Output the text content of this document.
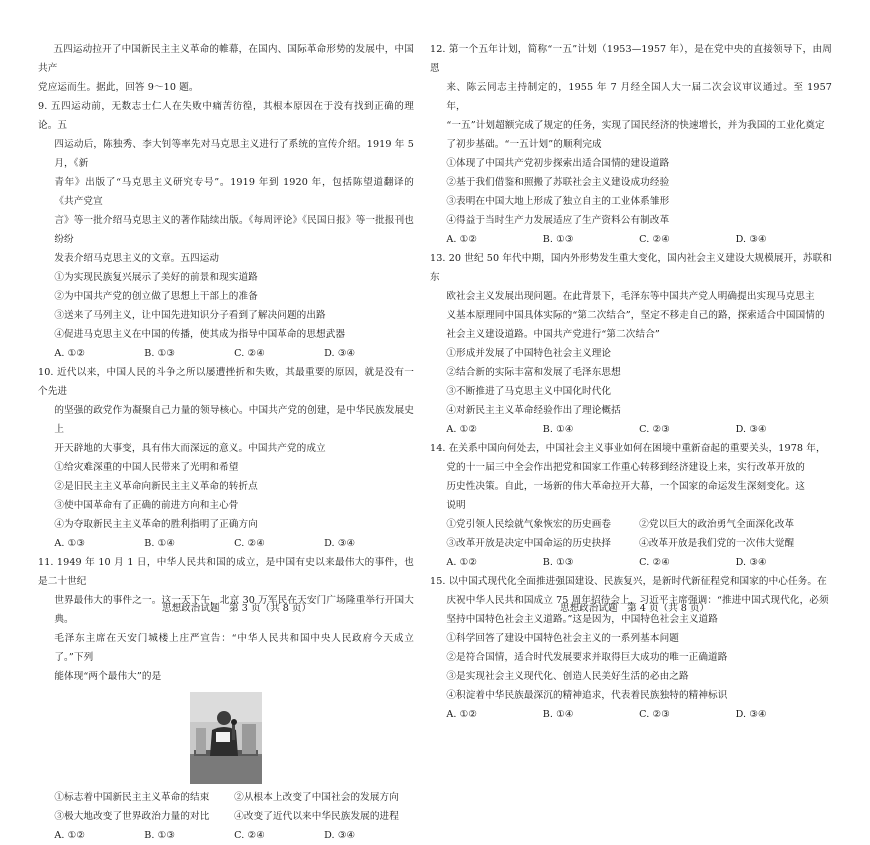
五四运动拉开了中国新民主主义革命的帷幕，在国内、国际革命形势的发展中，中国共产

党应运而生。据此，回答 9～10 题。

9. 五四运动前，无数志士仁人在失败中痛苦彷徨，其根本原因在于没有找到正确的理论。五

四运动后，陈独秀、李大钊等率先对马克思主义进行了系统的宣传介绍。1919 年 5 月，《新

青年》出版了“马克思主义研究专号”。1919 年到 1920 年，包括陈望道翻译的《共产党宣

言》等一批介绍马克思主义的著作陆续出版。《每周评论》《民国日报》等一批报刊也纷纷

发表介绍马克思主义的文章。五四运动

①为实现民族复兴展示了美好的前景和现实道路

②为中国共产党的创立做了思想上干部上的准备

③送来了马列主义，让中国先进知识分子看到了解决问题的出路

④促进马克思主义在中国的传播，使其成为指导中国革命的思想武器

A. ①②	B. ①③	C. ②④	D. ③④

10. 近代以来，中国人民的斗争之所以屡遭挫折和失败，其最重要的原因，就是没有一个先进

的坚强的政党作为凝聚自己力量的领导核心。中国共产党的创建，是中华民族发展史上

开天辟地的大事变，具有伟大而深远的意义。中国共产党的成立

①给灾难深重的中国人民带来了光明和希望

②是旧民主主义革命向新民主主义革命的转折点

③使中国革命有了正确的前进方向和主心骨

④为夺取新民主主义革命的胜利指明了正确方向

A. ①③	B. ①④	C. ②④	D. ③④

11. 1949 年 10 月 1 日，中华人民共和国的成立，是中国有史以来最伟大的事件，也是二十世纪

世界最伟大的事件之一。这一天下午，北京 30 万军民在天安门广场隆重举行开国大典。

毛泽东主席在天安门城楼上庄严宣告：“中华人民共和国中央人民政府今天成立了。”下列

能体现“两个最伟大”的是

①标志着中国新民主主义革命的结束	②从根本上改变了中国社会的发展方向
③极大地改变了世界政治力量的对比	④改变了近代以来中华民族发展的进程
A. ①②	B. ①③	C. ②④	D. ③④

12. 第一个五年计划，简称“一五”计划（1953—1957 年），是在党中央的直接领导下，由周恩

来、陈云同志主持制定的，1955 年 7 月经全国人大一届二次会议审议通过。至 1957 年，

“一五”计划超额完成了规定的任务，实现了国民经济的快速增长，并为我国的工业化奠定

了初步基础。“一五计划”的顺利完成

①体现了中国共产党初步探索出适合国情的建设道路

②基于我们借鉴和照搬了苏联社会主义建设成功经验

③表明在中国大地上形成了独立自主的工业体系雏形

④得益于当时生产力发展适应了生产资料公有制改革

A. ①②	B. ①③	C. ②④	D. ③④

13. 20 世纪 50 年代中期，国内外形势发生重大变化，国内社会主义建设大规模展开，苏联和东

欧社会主义发展出现问题。在此背景下，毛泽东等中国共产党人明确提出实现马克思主

义基本原理同中国具体实际的“第二次结合”，坚定不移走自己的路，探索适合中国国情的

社会主义建设道路。中国共产党进行“第二次结合”

①形成并发展了中国特色社会主义理论

②结合新的实际丰富和发展了毛泽东思想

③不断推进了马克思主义中国化时代化

④对新民主主义革命经验作出了理论概括

A. ①②	B. ①④	C. ②③	D. ③④

14. 在关系中国向何处去，中国社会主义事业如何在困境中重新奋起的重要关头，1978 年，

党的十一届三中全会作出把党和国家工作重心转移到经济建设上来，实行改革开放的

历史性决策。自此，一场新的伟大革命拉开大幕，一个国家的命运发生深刻变化。这

说明

①党引领人民绘就气象恢宏的历史画卷	②党以巨大的政治勇气全面深化改革
③改革开放是决定中国命运的历史抉择	④改革开放是我们党的一次伟大觉醒
A. ①②	B. ①③	C. ②④	D. ③④

15. 以中国式现代化全面推进强国建设、民族复兴，是新时代新征程党和国家的中心任务。在

庆祝中华人民共和国成立 75 周年招待会上，习近平主席强调：“推进中国式现代化，必须

坚持中国特色社会主义道路。”这是因为，中国特色社会主义道路

①科学回答了建设中国特色社会主义的一系列基本问题

②是符合国情，适合时代发展要求并取得巨大成功的唯一正确道路

③是实现社会主义现代化、创造人民美好生活的必由之路

④积淀着中华民族最深沉的精神追求，代表着民族独特的精神标识

A. ①②	B. ①④	C. ②③	D. ③④
思想政治试题　第 3 页（共 8 页）	思想政治试题　第 4 页（共 8 页）
